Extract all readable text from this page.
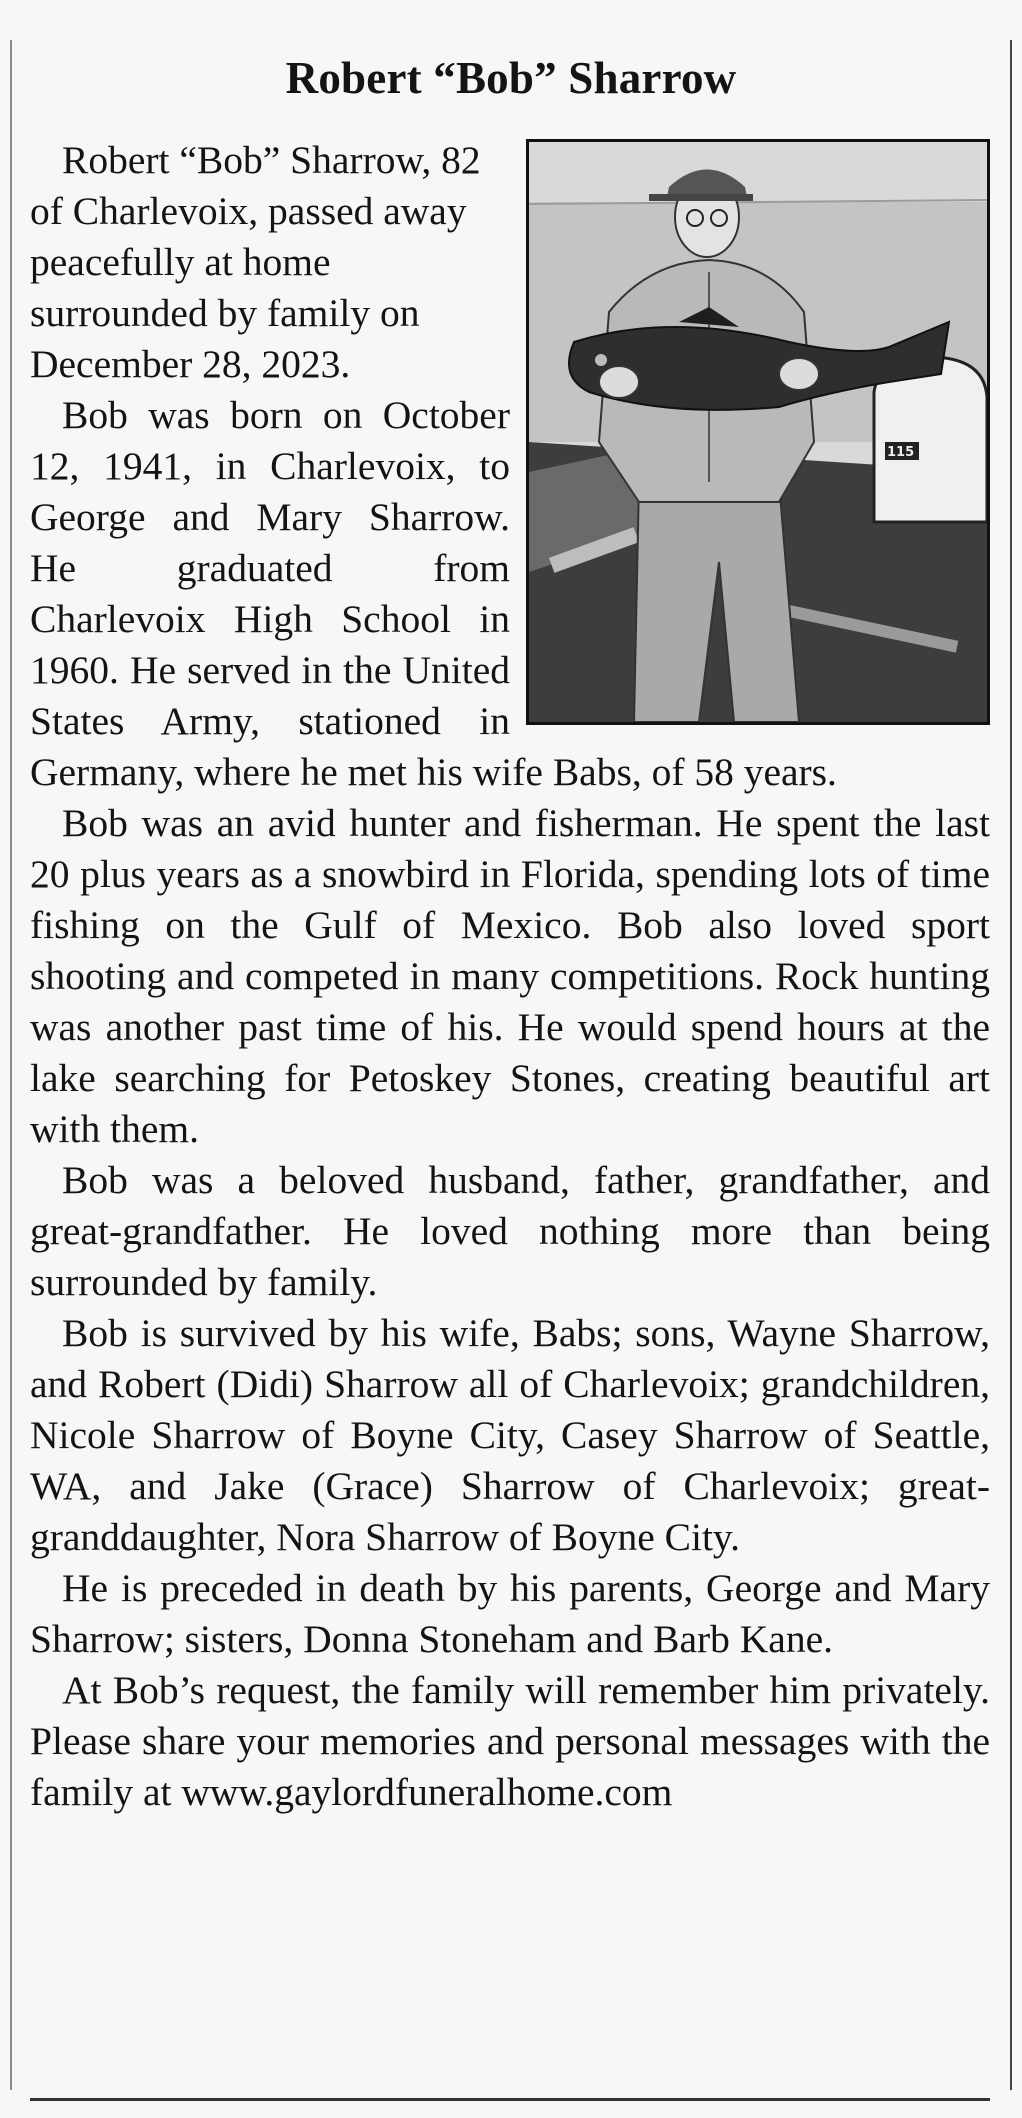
Robert “Bob” Sharrow
115

Robert “Bob” Sharrow, 82 of Charlevoix, passed away peacefully at home surrounded by family on December 28, 2023.

Bob was born on October 12, 1941, in Charlevoix, to George and Mary Sharrow. He graduated from Charlevoix High School in 1960. He served in the United States Army, stationed in Germany, where he met his wife Babs, of 58 years.

Bob was an avid hunter and fisherman. He spent the last 20 plus years as a snowbird in Florida, spending lots of time fishing on the Gulf of Mexico. Bob also loved sport shooting and competed in many competitions. Rock hunting was another past time of his. He would spend hours at the lake searching for Petoskey Stones, creating beautiful art with them.

Bob was a beloved husband, father, grandfather, and great-grandfather. He loved nothing more than being surrounded by family.

Bob is survived by his wife, Babs; sons, Wayne Sharrow, and Robert (Didi) Sharrow all of Charlevoix; grandchildren, Nicole Sharrow of Boyne City, Casey Sharrow of Seattle, WA, and Jake (Grace) Sharrow of Charlevoix; great-granddaughter, Nora Sharrow of Boyne City.

He is preceded in death by his parents, George and Mary Sharrow; sisters, Donna Stoneham and Barb Kane.

At Bob’s request, the family will remember him privately. Please share your memories and personal messages with the family at www.gaylordfuneralhome.com
